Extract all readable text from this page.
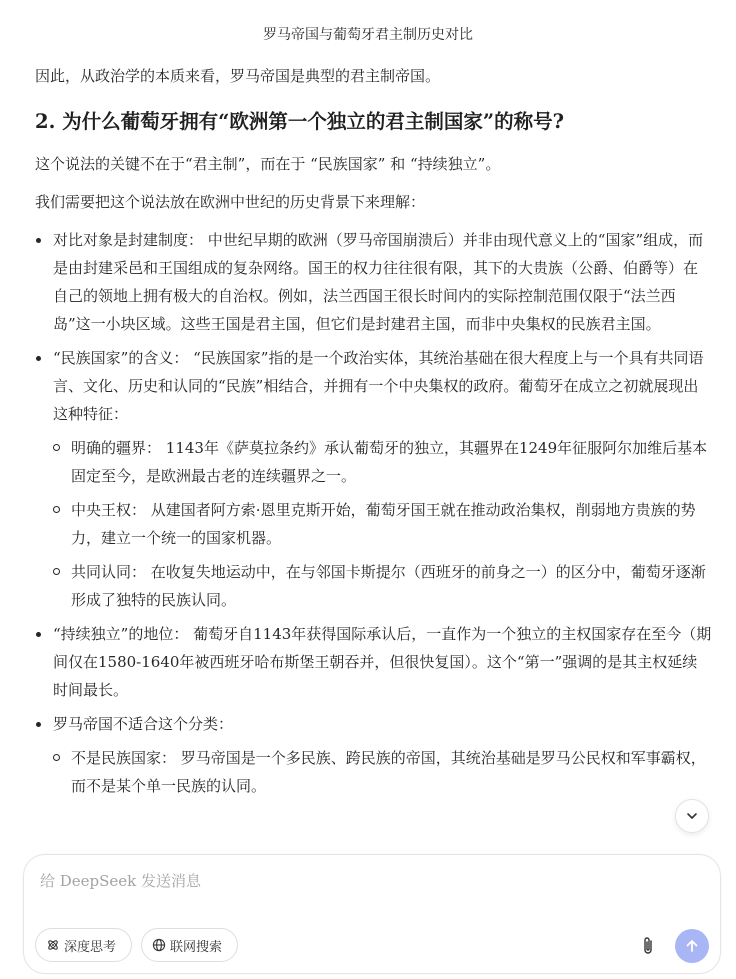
罗马帝国与葡萄牙君主制历史对比

因此，从政治学的本质来看，罗马帝国是典型的君主制帝国。

2. 为什么葡萄牙拥有“欧洲第一个独立的君主制国家”的称号?

这个说法的关键不在于“君主制”，而在于 “民族国家” 和 “持续独立”。

我们需要把这个说法放在欧洲中世纪的历史背景下来理解：

对比对象是封建制度： 中世纪早期的欧洲（罗马帝国崩溃后）并非由现代意义上的“国家”组成，而是由封建采邑和王国组成的复杂网络。国王的权力往往很有限，其下的大贵族（公爵、伯爵等）在自己的领地上拥有极大的自治权。例如，法兰西国王很长时间内的实际控制范围仅限于“法兰西岛”这一小块区域。这些王国是君主国，但它们是封建君主国，而非中央集权的民族君主国。
“民族国家”的含义： “民族国家”指的是一个政治实体，其统治基础在很大程度上与一个具有共同语言、文化、历史和认同的“民族”相结合，并拥有一个中央集权的政府。葡萄牙在成立之初就展现出这种特征：
明确的疆界： 1143年《萨莫拉条约》承认葡萄牙的独立，其疆界在1249年征服阿尔加维后基本固定至今，是欧洲最古老的连续疆界之一。
中央王权： 从建国者阿方索·恩里克斯开始，葡萄牙国王就在推动政治集权，削弱地方贵族的势力，建立一个统一的国家机器。
共同认同： 在收复失地运动中，在与邻国卡斯提尔（西班牙的前身之一）的区分中，葡萄牙逐渐形成了独特的民族认同。
“持续独立”的地位： 葡萄牙自1143年获得国际承认后，一直作为一个独立的主权国家存在至今（期间仅在1580-1640年被西班牙哈布斯堡王朝吞并，但很快复国）。这个“第一”强调的是其主权延续时间最长。
罗马帝国不适合这个分类：
不是民族国家： 罗马帝国是一个多民族、跨民族的帝国，其统治基础是罗马公民权和军事霸权，而不是某个单一民族的认同。
给 DeepSeek 发送消息
深度思考	联网搜索
